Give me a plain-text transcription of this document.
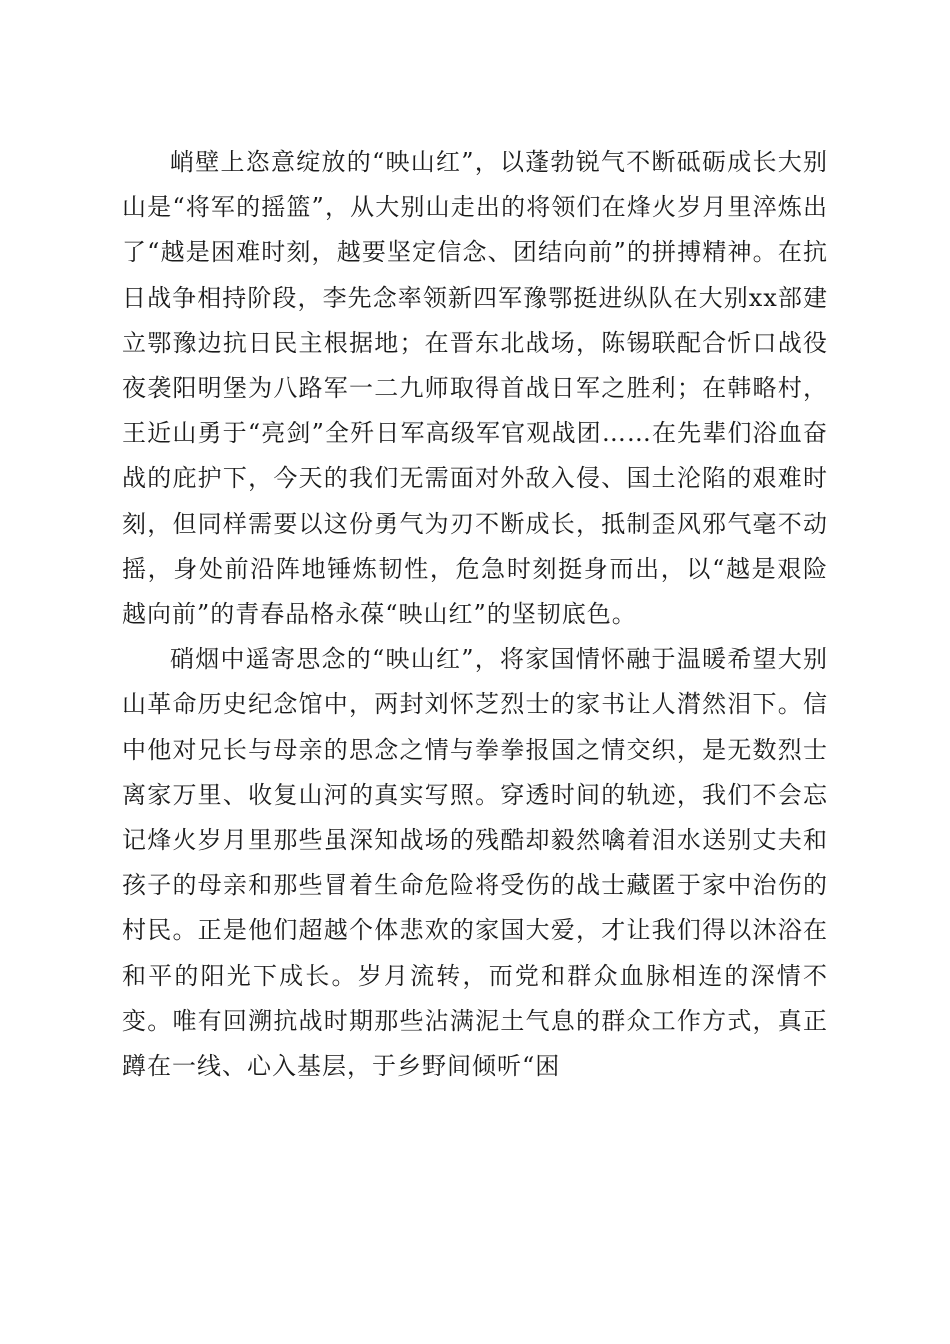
峭壁上恣意绽放的“映山红”，以蓬勃锐气不断砥砺成长大别山是“将军的摇篮”，从大别山走出的将领们在烽火岁月里淬炼出了“越是困难时刻，越要坚定信念、团结向前”的拼搏精神。在抗日战争相持阶段，李先念率领新四军豫鄂挺进纵队在大别xx部建立鄂豫边抗日民主根据地；在晋东北战场，陈锡联配合忻口战役夜袭阳明堡为八路军一二九师取得首战日军之胜利；在韩略村，王近山勇于“亮剑”全歼日军高级军官观战团……在先辈们浴血奋战的庇护下，今天的我们无需面对外敌入侵、国土沦陷的艰难时刻，但同样需要以这份勇气为刃不断成长，抵制歪风邪气毫不动摇，身处前沿阵地锤炼韧性，危急时刻挺身而出，以“越是艰险越向前”的青春品格永葆“映山红”的坚韧底色。

硝烟中遥寄思念的“映山红”，将家国情怀融于温暖希望大别山革命历史纪念馆中，两封刘怀芝烈士的家书让人潸然泪下。信中他对兄长与母亲的思念之情与拳拳报国之情交织，是无数烈士离家万里、收复山河的真实写照。穿透时间的轨迹，我们不会忘记烽火岁月里那些虽深知战场的残酷却毅然噙着泪水送别丈夫和孩子的母亲和那些冒着生命危险将受伤的战士藏匿于家中治伤的村民。正是他们超越个体悲欢的家国大爱，才让我们得以沐浴在和平的阳光下成长。岁月流转，而党和群众血脉相连的深情不变。唯有回溯抗战时期那些沾满泥土气息的群众工作方式，真正蹲在一线、心入基层，于乡野间倾听“困
